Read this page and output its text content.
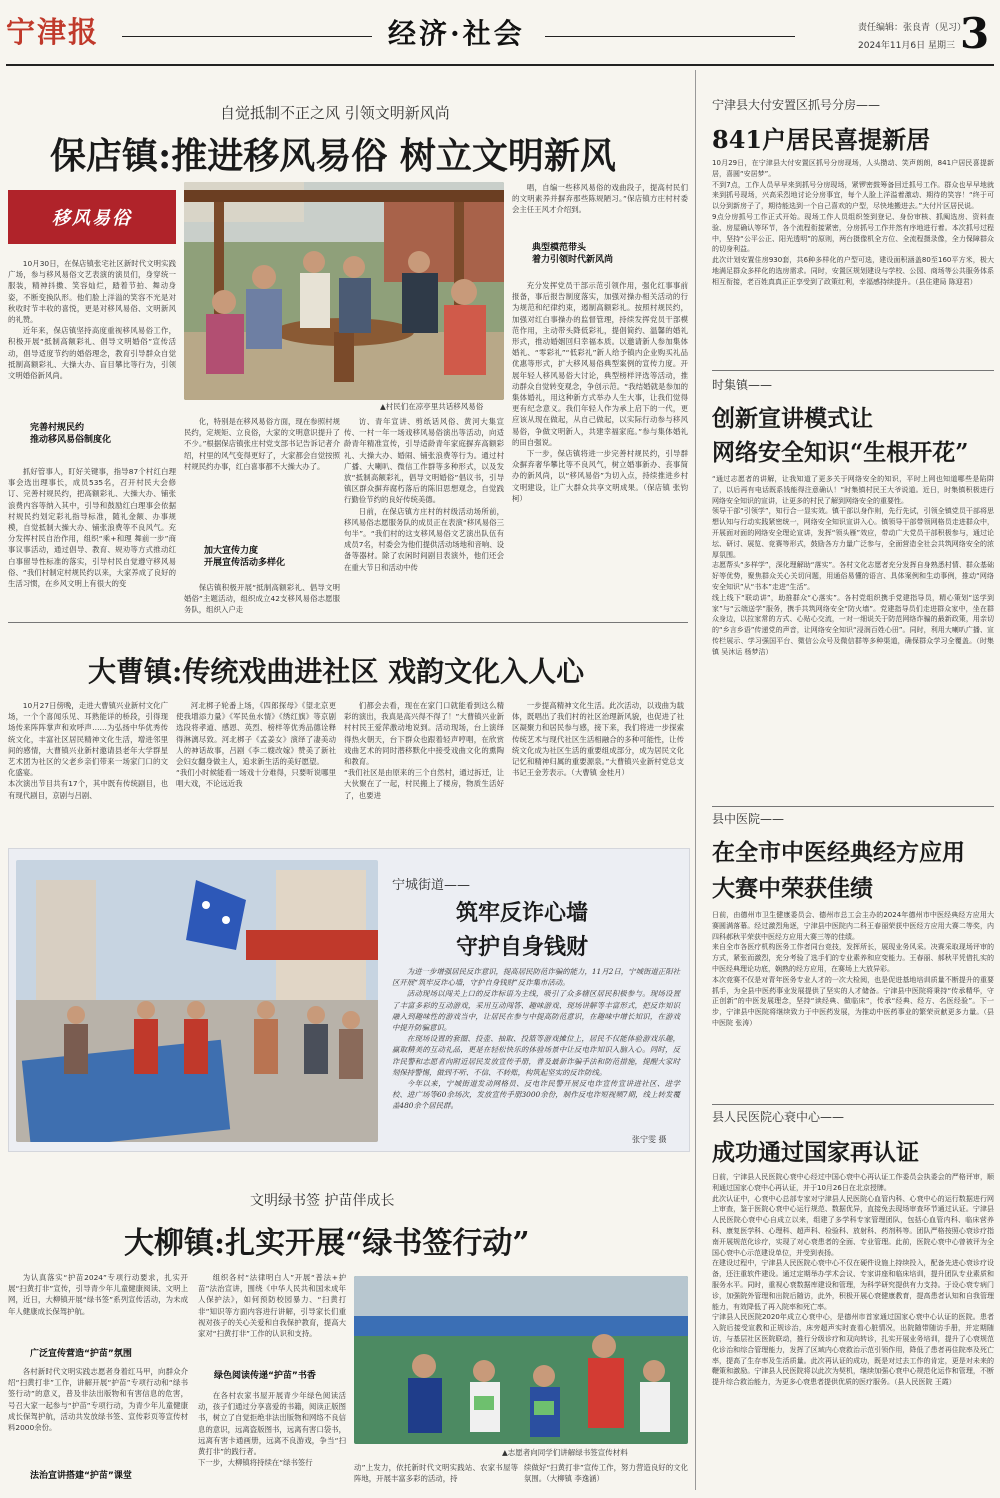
宁津报	经济·社会	责任编辑：张良青（见习）
2024年11月6日 星期三 3
自觉抵制不正之风 引领文明新风尚
保店镇:推进移风易俗 树立文明新风
移风易俗

10月30日，在保店镇张宅社区新时代文明实践广场，参与移风易俗文艺表演的演员们，身穿统一服装，精神抖擞、笑容灿烂，踏着节拍、舞动身姿，不断变换队形。他们脸上洋溢的笑容不光是对秋收时节丰收的喜悦，更是对移风易俗、文明新风的礼赞。

近年来，保店镇坚持高度重视移风易俗工作，积极开展“抵制高额彩礼、倡导文明婚俗”宣传活动，倡导适度节约的婚俗理念，教育引导群众自觉抵制高额彩礼、大操大办、盲目攀比等行为，引领文明婚俗新风尚。

完善村规民约
推动移风易俗制度化

抓好管事人，盯好关键事，指导87个村红白理事会选出理事长，成员535名，召开村民大会修订、完善村规民约，把高额彩礼、大操大办、铺张浪费内容等纳入其中，引导和鼓励红白理事会依据村规民约划定彩礼指导标准，随礼金额、办事规模，自觉抵制大操大办、铺张浪费等不良风气。充分发挥村民自治作用，组织“乘+和理 舞前一步”商事议事活动，通过倡导、教育、规劝等方式推动红白事留导性标准的落实，引导村民自觉遵守移风易俗、“我们村制定村规民约以来，大家养成了良好的生活习惯，在乡风文明上有很大的变

▲村民们在凉亭里共话移风易俗

化，特别是在移风易俗方面，现在参照村规民约，定规矩、立良俗，大家的文明意识提升了不少。”根据保店镇张庄村党支部书记告诉记者介绍，村里的风气变得更好了，大家都会自觉按照村规民约办事，红白喜事都不大操大办了。

加大宣传力度
开展宣传活动多样化

保店镇积极开展“抵制高额彩礼、倡导文明婚俗”主题活动，组织成立42支移风易俗志愿服务队，组织入户走

访、青年宣讲、剪纸话风俗、黄河大集宣传、一村一年一场戏移风易俗演出等活动，向适龄青年精准宣传，引导适龄青年家庭摒弃高额彩礼、大操大办、婚闹、铺张浪费等行为。通过村广播、大喇叭、微信工作群等多种形式，以及发放“抵制高额彩礼，倡导文明婚俗”倡议书，引导镇区群众摒弃腐朽落后的陈旧思想观念，自觉践行勤俭节约的良好传统美德。

日前，在保店镇方庄村的村级活动场所前，移风易俗志愿服务队的成员正在表演“移风易俗三句半”。“我们村的这支移风易俗文艺演出队伍有成员7名，村委会为他们提供活动场地和音响、设备等器材。除了农闲时间剧目表演外，他们还会在重大节日和活动中传

唱，自编一些移风易俗的戏曲段子，提高村民们的文明素养并摒弃那些陈规陋习。”保店镇方庄村村委会主任王风才介绍到。

典型模范带头
着力引领时代新风尚

充分发挥党员干部示范引领作用，强化红事事前报备，事后报告制度落实，加强对操办相关活动的行为规范和纪律约束，遏制高额彩礼。按照村规民约，加强对红白事操办的监督管理，持续发挥党员干部模范作用，主动带头降低彩礼，提倡简约、温馨的婚礼形式，推动婚姻回归幸福本质。以邀请新人参加集体婚礼、“零彩礼”“低彩礼”新人给予镇内企业购买礼品优惠等形式，扩大移风易俗典型案例的宣传力度。开展年轻人移风易俗大讨论，典型榜样评选等活动，推动群众自觉转变观念，争创示范。“我结婚就是参加的集体婚礼，用这种新方式举办人生大事，让我们觉得更有纪念意义。我们年轻人作为承上启下的一代，更应该从现在做起，从自己做起，以实际行动参与移风易俗，争做文明新人，共建幸福家庭。”参与集体婚礼的田自强说。

下一步，保店镇将进一步完善村规民约，引导群众摒弃奢华攀比等不良风气，树立婚事新办、丧事简办的新风尚，以“移风易俗”为切入点，持续推进乡村文明建设，让广大群众共享文明成果。（保店镇 张钧柯）

大曹镇:传统戏曲进社区 戏韵文化入人心
10月27日傍晚，走进大曹镇兴业新村文化广场，一个个喜闻乐见、耳熟能详的桥段，引得现场传来阵阵掌声和欢呼声……为弘扬中华优秀传统文化，丰富社区居民精神文化生活，增进邻里间的感情，大曹镇兴业新村邀请县老年大学群星艺术团为社区的父老乡亲们带来一场家门口的文化盛宴。
本次演出节目共有17个，其中既有传统剧目，也有现代剧目，京剧与吕剧、
河北梆子轮番上场，《四郎探母》《望北京更使我增添力量》《军民鱼水情》《绣红旗》等京剧选段将孝道、感恩、英烈、榜样等优秀品德诠释得淋漓尽致。河北梆子《孟姜女》演绎了凄美动人的神话故事，吕剧《李二嫂改嫁》赞美了新社会妇女翻身做主人，追求新生活的美好愿望。
“我们小时候能看一场戏十分难得，只要听说哪里唱大戏，不论远近我
们都会去看，现在在家门口就能看到这么精彩的演出，我真是高兴得不得了！”大曹镇兴业新村村民王爱萍激动地说到。活动现场，台上演绎得热火朝天，台下群众也跟着轻声哼唱，在欣赏戏曲艺术的同时潜移默化中接受戏曲文化的熏陶和教育。
“我们社区是由原来的三个自然村，通过拆迁，让大伙聚在了一起，村民搬上了楼房，物质生活好了，也要进
一步提高精神文化生活。此次活动，以戏曲为载体，既唱出了我们村的社区治理新风貌，也促进了社区凝聚力和居民参与感，接下来，我们将进一步探索传统艺术与现代社区生活相融合的多种可能性，让传统文化成为社区生活的重要组成部分，成为居民文化记忆和精神归属的重要源泉。”大曹镇兴业新村党总支书记王金芳表示。（大曹镇 金桂月）
宁城街道——
筑牢反诈心墙
守护自身钱财

为进一步增强居民反诈意识，提高居民防范诈骗的能力，11月2日，宁城街道正阳社区开展“筑牢反诈心墙，守护自身钱财”反诈集市活动。

活动现场以闯关上口的反诈标语为主线，吸引了众多辖区居民积极参与。现场设置了丰富多彩的互动游戏，采用互动闯答、趣味游戏、现场讲解等丰富形式，把反诈知识融入到趣味性的游戏当中，让居民在参与中提高防范意识，在趣味中增长知识，在游戏中提升防骗意识。

在现场设置的套圈、投壶、抽取、投篮等游戏摊位上，居民不仅能体验游戏乐趣，赢取精美的互动礼品，更是在轻松快乐的体验场景中让反电诈知识入脑入心。同时，反诈民警和志愿者向附近居民发放宣传手册，普及最新诈骗手法和防范措施，提醒大家时刻保持警惕，做到不听、不信、不转账，构筑起坚实的反诈防线。

今年以来，宁城街道发动网格员、反电诈民警开展反电诈宣传宣讲进社区、进学校、进广场等60余场次，发放宣传手册3000余份，制作反电诈短视频7期，线上转发覆盖480余个居民群。

张宁雯 摄
文明绿书签 护苗伴成长
大柳镇:扎实开展“绿书签行动”
为认真落实“护苗2024”专项行动要求，扎实开展“扫黄打非”宣传，引导青少年儿童健康阅读、文明上网，近日，大柳镇开展“绿书签”系列宣传活动，为未成年人健康成长保驾护航。
广泛宣传营造“护苗”氛围
各村新时代文明实践志愿者身着红马甲，向群众介绍“扫黄打非”工作，讲解开展“护苗”专项行动和“绿书签行动”的意义，普及非法出版物和有害信息的危害，号召大家一起参与“护苗”专项行动，为青少年儿童健康成长保驾护航，活动共发放绿书签、宣传彩页等宣传材料2000余份。
法治宣讲搭建“护苗”课堂
组织各村“法律明白人”开展“普法+护苗”法治宣讲，围绕《中华人民共和国未成年人保护法》，如何预防校园暴力、“扫黄打非”知识等方面内容进行讲解，引导家长们重视对孩子的关心关爱和自我保护教育，提高大家对“扫黄打非”工作的认识和支持。
绿色阅读传递“护苗”书香
在各村农家书屋开展青少年绿色阅读活动，孩子们通过分享喜爱的书籍，阅读正版图书，树立了自觉拒绝非法出版物和网络不良信息的意识，远离盗版图书，远离有害口袋书，远离有害卡通画册，远离不良游戏，争当“扫黄打非”的践行者。
下一步，大柳镇将持续在“绿书签行
▲志愿者向同学们讲解绿书签宣传材料
动”上发力，依托新时代文明实践站、农家书屋等阵地，开展丰富多彩的活动，持
续做好“扫黄打非”宣传工作，努力营造良好的文化氛围。（大柳镇 李逸涵）
宁津县大付安置区抓号分房——
841户居民喜提新居
10月29日，在宁津县大付安置区抓号分房现场，人头攒动、笑声朗朗，841户居民喜提新居，喜圆“安居梦”。
不到7点，工作人员早早来到抓号分房现场，紧锣密鼓筹备回迁抓号工作。群众也早早地就来到抓号现场，兴高采烈地讨论分房事宜，每个人脸上洋溢着激动、期待的笑容！“终于可以分到新房子了，期待能选到一个自己喜欢的户型，尽快地搬进去。”大付片区居民说。
9点分房抓号工作正式开始。现场工作人员组织签到登记、身份审核、抓阄选房、资料查验、房屋确认等环节，各个流程衔接紧密，分房抓号工作井然有序地进行着。本次抓号过程中，坚持“公平公正、阳光透明”的原则，两台摄像机全方位、全流程摄录像，全力保障群众的切身利益。
此次计划安置住房930套，共6种多样化的户型可选，建设面积涵盖80至160平方米，极大地满足群众多样化的选房需求。同时，安置区规划建设与学校、公园、商场等公共服务体系相互衔接，老百姓真真正正享受到了政策红利，幸福感持续提升。（县住建局 陈迎君）
时集镇——
创新宣讲模式让
网络安全知识“生根开花”
“通过志愿者的讲解，让我知道了更多关于网络安全的知识，平时上网也知道哪些是陷阱了，以后再有电话既系钱能得注意确认！”时集镇村民王大爷说道。近日，时集镇积极进行网络安全知识的宣讲，让更多的村民了解到网络安全的重要性。
领导干部“引领学”，知行合一显实效。镇干部以身作则，先行先试，引领全镇党员干部将思想认知与行动实践紧密统一，网络安全知识宣讲入心。镇领导干部带领网格员走进群众中，开展面对面的网络安全理论宣讲，发挥“领头雁”效应，带动广大党员干部积极参与，通过论坛、研讨、展览、竞赛等形式，鼓励各方力量广泛参与，全面营造全社会共筑网络安全的浓厚氛围。
志愿帮头“多样学”，深化理解助“落实”。各村文化志愿者充分发挥自身熟悉村情、群众基础好等优势，聚焦群众关心关切问题，用通俗易懂的语言、具体案例和生动事例，推动“网络安全知识”从“书本”走进“生活”。
线上线下“联动讲”，助推群众“心落实”。各村党组织携手党建指导员，精心策划“送学到家”与“云端送学”服务，携手共筑网络安全“防火墙”。党建指导员们走进群众家中，坐在群众身边，以拉家常的方式、心贴心交流，一对一细说关于防范网络诈骗的最新政策，用亲切的“乡言乡语”传递党的声音，让网络安全知识“浸润百姓心田”。同时，利用大喇叭广播、宣传栏展示、学习强国平台、微信公众号及微信群等多种渠道，确保群众学习全覆盖。（时集镇 吴沐运 杨梦洁）
县中医院——
在全市中医经典经方应用
大赛中荣获佳绩
日前，由德州市卫生健康委员会、德州市总工会主办的2024年德州市中医经典经方应用大赛圆满落幕。经过激烈角逐，宁津县中医院内二科王春丽荣获中医经方应用大赛二等奖，内四科郝秋平荣获中医经方应用大赛三等的佳绩。
来自全市各医疗机构医务工作者同台竞技，发挥所长，展现业务风采。决赛采取现场评审的方式，紧张而激烈，充分考验了选手们的专业素养和应变能力。王春丽、郝秋平凭借扎实的中医经典理论功底，娴熟的经方应用，在赛场上大放异彩。
本次竞赛不仅是对青年医务专业人才的一次大检阅，也是促进基地培训质量不断提升的重要抓手，为全县中医药事业发展提供了坚实的人才储备。宁津县中医院将秉持“传承精华，守正创新”的中医发展理念，坚持“读经典、做临床”，传承“经典、经方、名医经验”。下一步，宁津县中医院将继续致力于中医药发展，为推动中医药事业的繁荣贡献更多力量。（县中医院 张涛）
县人民医院心衰中心——
成功通过国家再认证
日前，宁津县人民医院心衰中心经过中国心衰中心再认证工作委员会执委会的严格评审，顺利通过国家心衰中心再认证，并于10月26日在北京授牌。
此次认证中，心衰中心总部专家对宁津县人民医院心血管内科、心衰中心的运行数据进行网上审查，鉴于医院心衰中心运行规范、数据优异，直接免去现场审查环节通过认证。宁津县人民医院心衰中心自成立以来，组建了多学科专家管理团队，包括心血管内科、临床营养科、康复医学科、心理科、超声科、检验科、放射科、药剂科等。团队严格按照心衰诊疗指南开展规范化诊疗，实现了对心衰患者的全面、专业管理。此前，医院心衰中心曾被评为全国心衰中心示范建设单位，并受到表扬。
在建设过程中，宁津县人民医院心衰中心不仅在硬件设施上持续投入，配备先进心衰诊疗设备，还注重软件建设。通过定期举办学术会议、专家讲座和临床培训，提升团队专业素质和服务水平。同时，重视心衰数据库建设和管理，为科学研究提供有力支持。于设心衰专病门诊，加强院外管理和出院后随访，此外，积极开展心衰健康教育，提高患者认知和自我管理能力，有效降低了再入院率和死亡率。
宁津县人民医院2020年成立心衰中心，是德州市首家通过国家心衰中心认证的医院。患者入院后接受宣教和正规诊治，床旁超声实时查看心脏情况，出院随带随访手册，并定期随访，与基层社区医院联动，推行分级诊疗和双向转诊，扎实开展业务培训，提升了心衰规范化诊治和综合管理能力，发挥了区域内心衰救治示范引领作用，降低了患者再住院率及死亡率，提高了生存率及生活质量。此次再认证的成功，既是对过去工作的肯定，更是对未来的鞭策和激励。宁津县人民医院将以此次为契机，继续加强心衰中心规范化运作和管理，不断提升综合救治能力，为更多心衰患者提供优质的医疗服务。（县人民医院 王霞）
